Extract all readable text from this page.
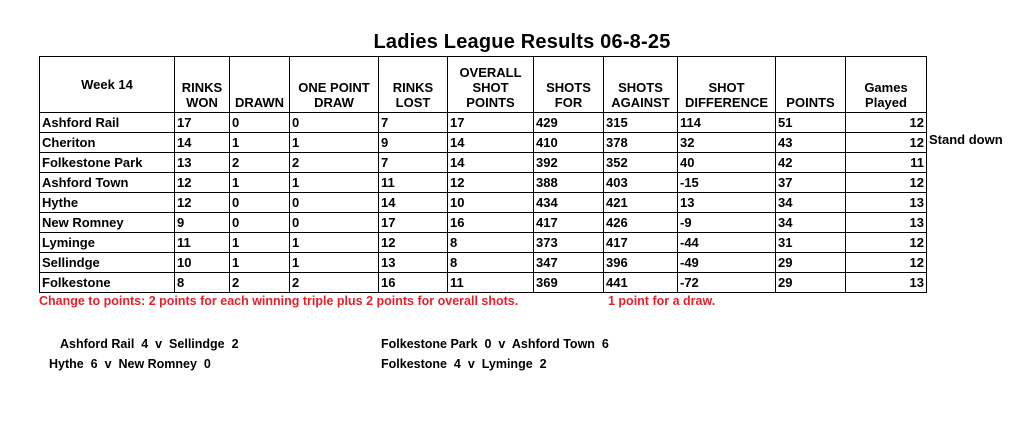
Ladies League Results 06-8-25
Week 14	RINKS WON	DRAWN	ONE POINT DRAW	RINKS LOST	OVERALL SHOT POINTS	SHOTS FOR	SHOTS AGAINST	SHOT DIFFERENCE	POINTS	Games Played
Ashford Rail	17	0	0	7	17	429	315	114	51	12
Cheriton	14	1	1	9	14	410	378	32	43	12
Folkestone Park	13	2	2	7	14	392	352	40	42	11
Ashford Town	12	1	1	11	12	388	403	-15	37	12
Hythe	12	0	0	14	10	434	421	13	34	13
New Romney	9	0	0	17	16	417	426	-9	34	13
Lyminge	11	1	1	12	8	373	417	-44	31	12
Sellindge	10	1	1	13	8	347	396	-49	29	12
Folkestone	8	2	2	16	11	369	441	-72	29	13
Stand down
Change to points: 2 points for each winning triple plus 2 points for overall shots.	1 point for a draw.
Ashford Rail  4  v  Sellindge  2	Folkestone Park  0  v  Ashford Town  6
Hythe  6  v  New Romney  0	Folkestone  4  v  Lyminge  2
